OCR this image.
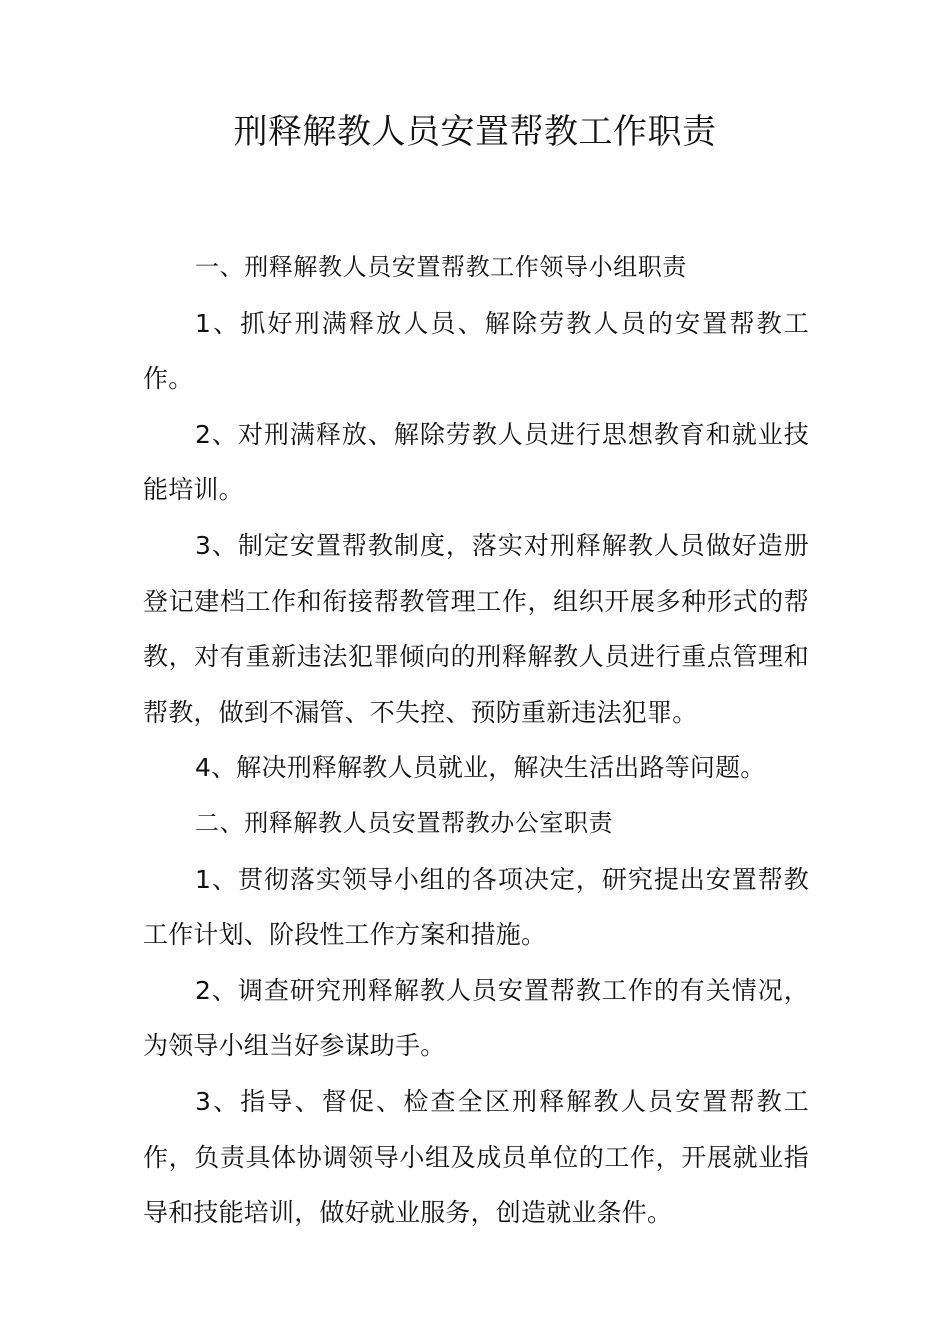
刑释解教人员安置帮教工作职责

一、刑释解教人员安置帮教工作领导小组职责

1、抓好刑满释放人员、解除劳教人员的安置帮教工作。

2、对刑满释放、解除劳教人员进行思想教育和就业技能培训。

3、制定安置帮教制度，落实对刑释解教人员做好造册登记建档工作和衔接帮教管理工作，组织开展多种形式的帮教，对有重新违法犯罪倾向的刑释解教人员进行重点管理和帮教，做到不漏管、不失控、预防重新违法犯罪。

4、解决刑释解教人员就业，解决生活出路等问题。

二、刑释解教人员安置帮教办公室职责

1、贯彻落实领导小组的各项决定，研究提出安置帮教工作计划、阶段性工作方案和措施。

2、调查研究刑释解教人员安置帮教工作的有关情况，为领导小组当好参谋助手。

3、指导、督促、检查全区刑释解教人员安置帮教工作，负责具体协调领导小组及成员单位的工作，开展就业指导和技能培训，做好就业服务，创造就业条件。
